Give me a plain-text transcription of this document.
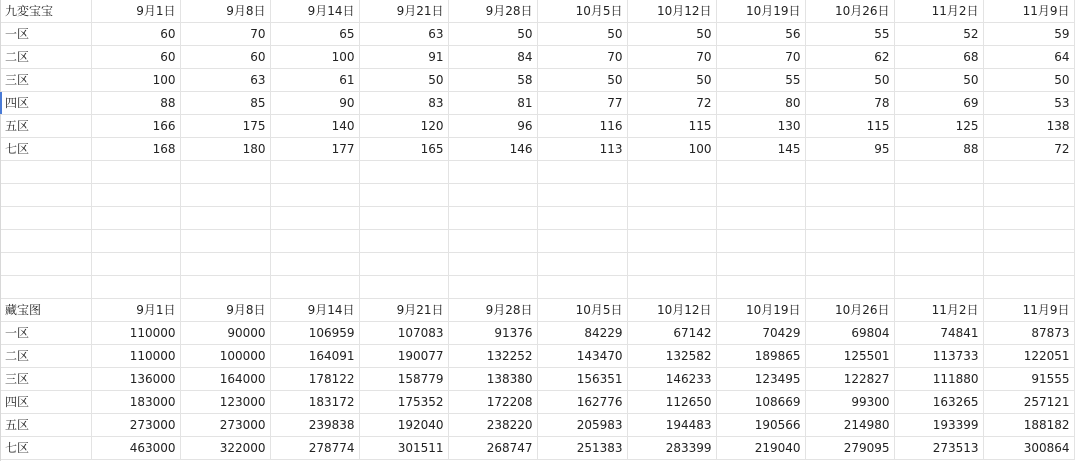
九変宝宝	9月1日	9月8日	9月14日	9月21日	9月28日	10月5日	10月12日	10月19日	10月26日	11月2日	11月9日
一区	60	70	65	63	50	50	50	56	55	52	59
二区	60	60	100	91	84	70	70	70	62	68	64
三区	100	63	61	50	58	50	50	55	50	50	50
四区	88	85	90	83	81	77	72	80	78	69	53
五区	166	175	140	120	96	116	115	130	115	125	138
七区	168	180	177	165	146	113	100	145	95	88	72

藏宝图	9月1日	9月8日	9月14日	9月21日	9月28日	10月5日	10月12日	10月19日	10月26日	11月2日	11月9日
一区	110000	90000	106959	107083	91376	84229	67142	70429	69804	74841	87873
二区	110000	100000	164091	190077	132252	143470	132582	189865	125501	113733	122051
三区	136000	164000	178122	158779	138380	156351	146233	123495	122827	111880	91555
四区	183000	123000	183172	175352	172208	162776	112650	108669	99300	163265	257121
五区	273000	273000	239838	192040	238220	205983	194483	190566	214980	193399	188182
七区	463000	322000	278774	301511	268747	251383	283399	219040	279095	273513	300864
